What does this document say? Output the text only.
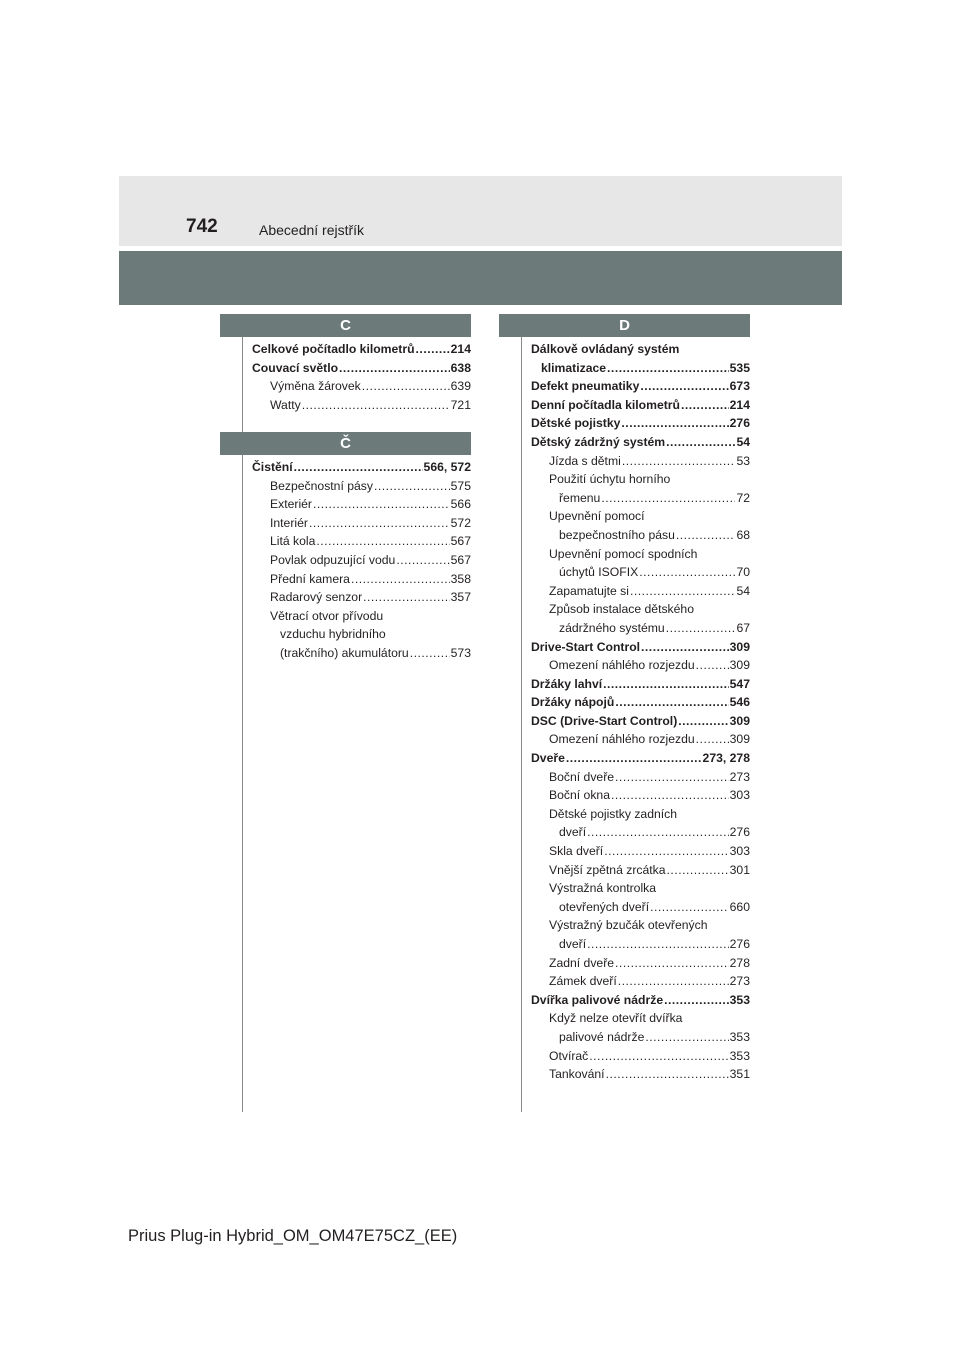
742	Abecední rejstřík
C
Celkové počítadlo kilometrů .....	214
Couvací světlo .....	638
Výměna žárovek .....	639
Watty .....	721
Č
Čistění .....	566, 572
Bezpečnostní pásy .....	575
Exteriér .....	566
Interiér .....	572
Litá kola .....	567
Povlak odpuzující vodu .....	567
Přední kamera .....	358
Radarový senzor .....	357
Větrací otvor přívodu
vzduchu hybridního
(trakčního) akumulátoru .....	573
D
Dálkově ovládaný systém
klimatizace .....	535
Defekt pneumatiky .....	673
Denní počítadla kilometrů .....	214
Dětské pojistky .....	276
Dětský zádržný systém .....	54
Jízda s dětmi .....	53
Použití úchytu horního
řemenu .....	72
Upevnění pomocí
bezpečnostního pásu .....	68
Upevnění pomocí spodních
úchytů ISOFIX .....	70
Zapamatujte si .....	54
Způsob instalace dětského
zádržného systému .....	67
Drive-Start Control .....	309
Omezení náhlého rozjezdu .....	309
Držáky lahví .....	547
Držáky nápojů .....	546
DSC (Drive-Start Control) .....	309
Omezení náhlého rozjezdu .....	309
Dveře .....	273, 278
Boční dveře .....	273
Boční okna .....	303
Dětské pojistky zadních
dveří .....	276
Skla dveří .....	303
Vnější zpětná zrcátka .....	301
Výstražná kontrolka
otevřených dveří .....	660
Výstražný bzučák otevřených
dveří .....	276
Zadní dveře .....	278
Zámek dveří .....	273
Dvířka palivové nádrže .....	353
Když nelze otevřít dvířka
palivové nádrže .....	353
Otvírač .....	353
Tankování .....	351
Prius Plug-in Hybrid_OM_OM47E75CZ_(EE)
